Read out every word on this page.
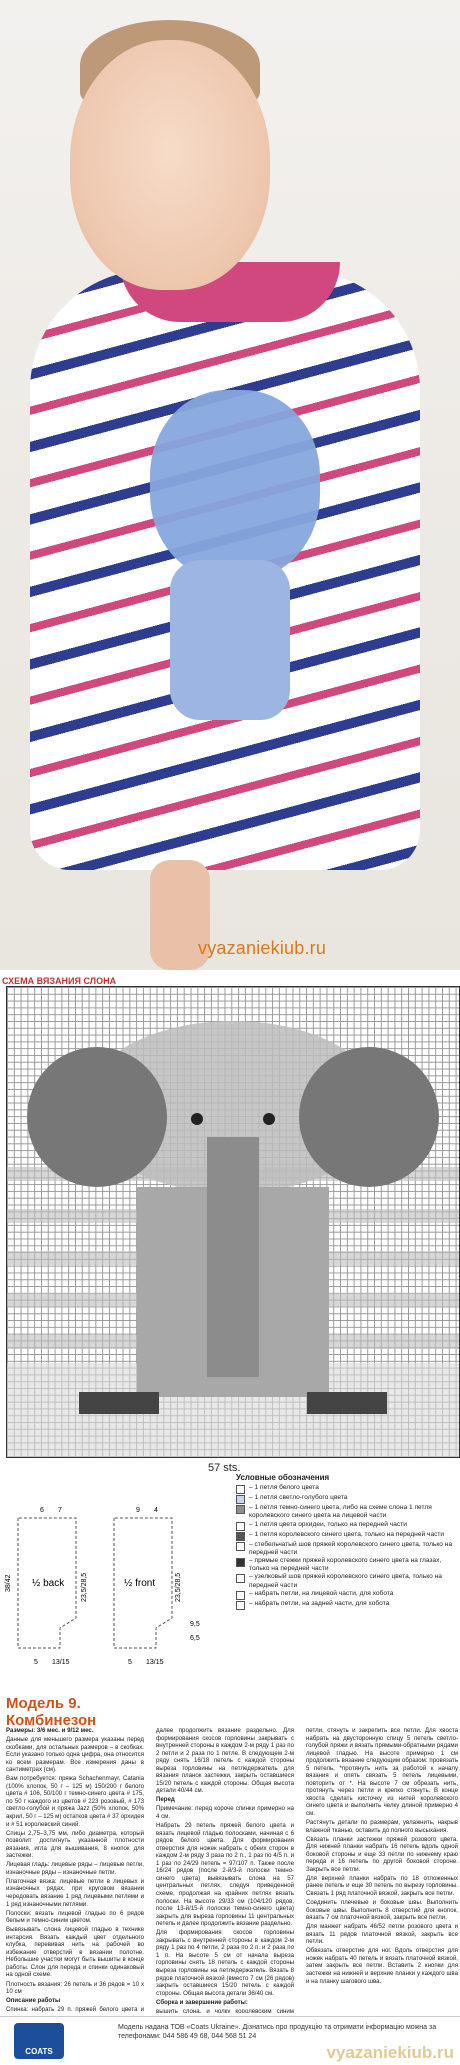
vyazaniekiub.ru
СХЕМА ВЯЗАНИЯ СЛОНА
57 sts.
½ back	½ front
38/42	23,5/28,5	23,5/28,5
5 13/15	5 13/15
6,5
9,5
6 7	9 4
Условные обозначения
– 1 петля белого цвета
– 1 петля светло-голубого цвета
– 1 петля темно-синего цвета, либо на схеме слона 1 петля королевского синего цвета на лицевой части
– 1 петля цвета орхидеи, только на передней части
– 1 петля королевского синего цвета, только на передней части
– стебельчатый шов пряжей королевского синего цвета, только на передней части
– прямые стежки пряжей королевского синего цвета на глазах, только на передней части
– узелковый шов пряжей королевского синего цвета, только на передней части
– набрать петли, на лицевой части, для хобота
– набрать петли, на задней части, для хобота
Модель 9.
Комбинезон

Размеры: 3/6 мес. и 9/12 мес.

Данные для меньшего размера указаны перед скобками, для остальных размеров – в скобках. Если указано только одна цифра, она относится ко всем размерам. Все измерения даны в сантиметрах (см).

Вам потребуется: пряжа Schachenmayr, Catania (100% хлопок, 50 г – 125 м) 150/200 г белого цвета # 106, 50/100 г темно-синего цвета # 175, по 50 г каждого из цветов # 223 розовый, # 173 светло-голубой и пряжа Jazz (50% хлопок, 50% акрил, 50 г – 125 м) остатков цвета # 37 орхидея и # 51 королевский синий.

Спицы 2,75–3,75 мм, либо диаметра, который позволит достигнуть указанной плотности вязания, игла для вышивания, 8 кнопок для застежки.

Лицевая гладь: лицевые ряды – лицевые петли, изнаночные ряды – изнаночные петли.

Платочная вязка: лицевые петли в лицевых и изнаночных рядах, при круговом вязании чередовать вязание 1 ряд лицевыми петлями и 1 ряд изнаночными петлями.

Полоски: вязать лицевой гладью по 6 рядов белым и темно-синим цветом.

Вывязывать слона лицевой гладью в технике интарсия. Вязать каждый цвет отдельного клубка, перевивая нить на рабочей во избежание отверстий в вязании полотне. Небольшие участки могут быть вышиты в конце работы. Слон для переда и спинки одинаковый на одной схеме.

Плотность вязания: 26 петель и 36 рядов = 10 х 10 см

Описание работы

Спинка: набрать 29 п. пряжей белого цвета и

далее продолжить вязание раздельно. Для формирования скосов горловины закрывать с внутренней стороны в каждом 2-м ряду 1 раз по 2 петли и 2 раза по 1 петле. В следующем 2-м ряду снять 16/18 петель с каждой стороны выреза горловины на петледержатель для вязания планок застежки, закрыть оставшиеся 15/20 петель с каждой стороны. Общая высота детали 40/44 см.

Перед

Примечание: перед короче спинки примерно на 4 см.

Набрать 29 петель пряжей белого цвета и вязать лицевой гладью полосками, начиная с 6 рядов белого цвета. Для формирования отверстия для ножек набрать с обеих сторон в каждом 2-м ряду 3 раза по 2 п., 1 раз по 4/5 п. и 1 раз по 24/29 петель = 97/107 п. Также после 16/24 рядов (после 2-й/3-й полоски темно-синего цвета) вывязывать слона на 57 центральных петлях, следуя приведенной схеме, продолжая на крайних петлях вязать полоски. На высоте 29/33 см (104/120 рядов, после 13-й/15-й полоски темно-синего цвета) закрыть для выреза горловины 11 центральных петель и далее продолжить вязание раздельно.

Для формирования скосов горловины закрывать с внутренней стороны в каждом 2-м ряду 1 раз по 4 петли, 2 раза по 2 п. и 2 раза по 1 п. На высоте 5 см от начала выреза горловины снять 18 петель с каждой стороны выреза горловины на петледержатель. Вязать 8 рядов платочной вязкой (вместо 7 см (26 рядов) закрыть оставшиеся 15/20 петель с каждой стороны. Общая высота детали 36/40 см.

Сборка и завершение работы:

вышить слона, и чолку королевским синим

петли, стянуть и закрепить все петли. Для хвоста набрать на двусторонную спицу 5 петель светло-голубой пряжи и вязать прямыми-обратными рядами лицевой гладью. На высоте примерно 1 см продолжить вязание следующим образом: провязать 5 петель, *протянуть нить за работой к началу вязания и опять связать 5 петель лицевыми, повторить от *. На высоте 7 см обрезать нить, протянуть через петли и крепко стянуть. В конце хвоста сделать кисточку из нитей королевского синего цвета и выполнить челку длиной примерно 4 см.

Растянуть детали по размерам, увлажнить, накрыв влажной тканью, оставить до полного высыхания.

Связать планки застежки пряжей розового цвета. Для нижней планки набрать 16 петель вдоль одной боковой стороны и еще 33 петли по нижнему краю переда и 16 петель по другой боковой стороне. Закрыть все петли.

Для верхней планки набрать по 18 отложенных ранее петель и еще 30 петель по вырезу горловины. Связать 1 ряд платочной вязкой, закрыть все петли.

Соединить плечевые и боковые швы. Выполнить боковые швы. Выполнить 8 отверстий для кнопок, вязать 7 см платочной вязкой, закрыть все петли.

Для манжет набрать 46/52 петли розового цвета и вязать 11 рядов платочной вязкой, закрыть все петли.

Обвязать отверстие для ног. Вдоль отверстия для ножек набрать 40 петель и вязать платочной вязкой, затем закрыть все петли. Вставить 2 кнопки для застежки на нижней и верхние планки у каждого шва и на планку шагового шва.

COATS
Модель надана ТОВ «Coats Ukraine». Дізнатись про продукцію та отримати інформацію можна за телефонами: 044 586 49 68, 044 568 51 24
vyazaniekiub.ru
